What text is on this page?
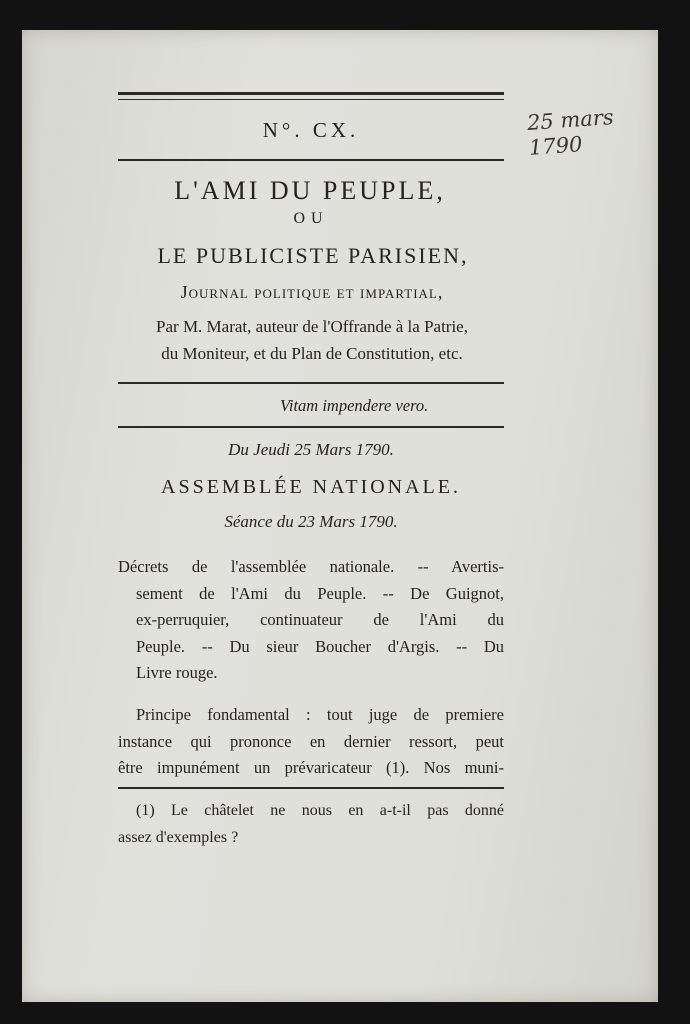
25 mars
1790
N°. CX.
L'AMI DU PEUPLE,
OU
LE PUBLICISTE PARISIEN,
Journal politique et impartial,
Par M. Marat, auteur de l'Offrande à la Patrie,
du Moniteur, et du Plan de Constitution, etc.
Vitam impendere vero.
Du Jeudi 25 Mars 1790.
ASSEMBLÉE NATIONALE.
Séance du 23 Mars 1790.
Décrets de l'assemblée nationale. -- Avertis-
sement de l'Ami du Peuple. -- De Guignot,
ex-perruquier, continuateur de l'Ami du
Peuple. -- Du sieur Boucher d'Argis. -- Du
Livre rouge.
Principe fondamental : tout juge de premiere
instance qui prononce en dernier ressort, peut
être impunément un prévaricateur (1). Nos muni-
(1) Le châtelet ne nous en a-t-il pas donné
assez d'exemples ?
